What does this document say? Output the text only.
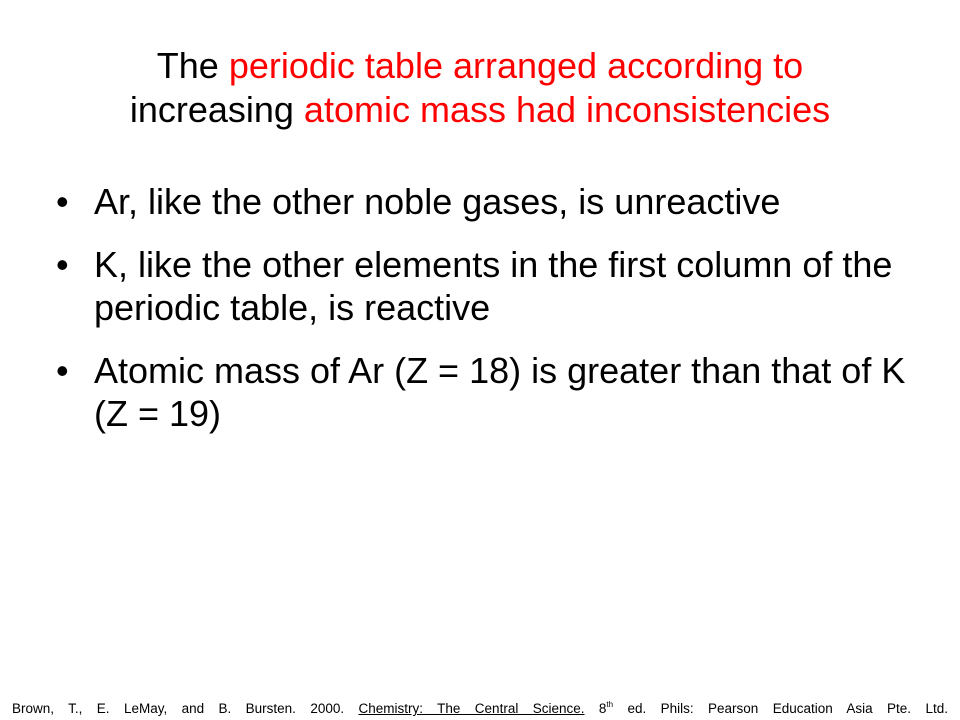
The periodic table arranged according to
increasing atomic mass had inconsistencies
• Ar, like the other noble gases, is unreactive
• K, like the other elements in the first column of the periodic table, is reactive
• Atomic mass of Ar (Z = 18) is greater than that of K (Z = 19)
Brown, T., E. LeMay, and B. Bursten. 2000. Chemistry: The Central Science. 8th ed. Phils: Pearson Education Asia Pte. Ltd.
